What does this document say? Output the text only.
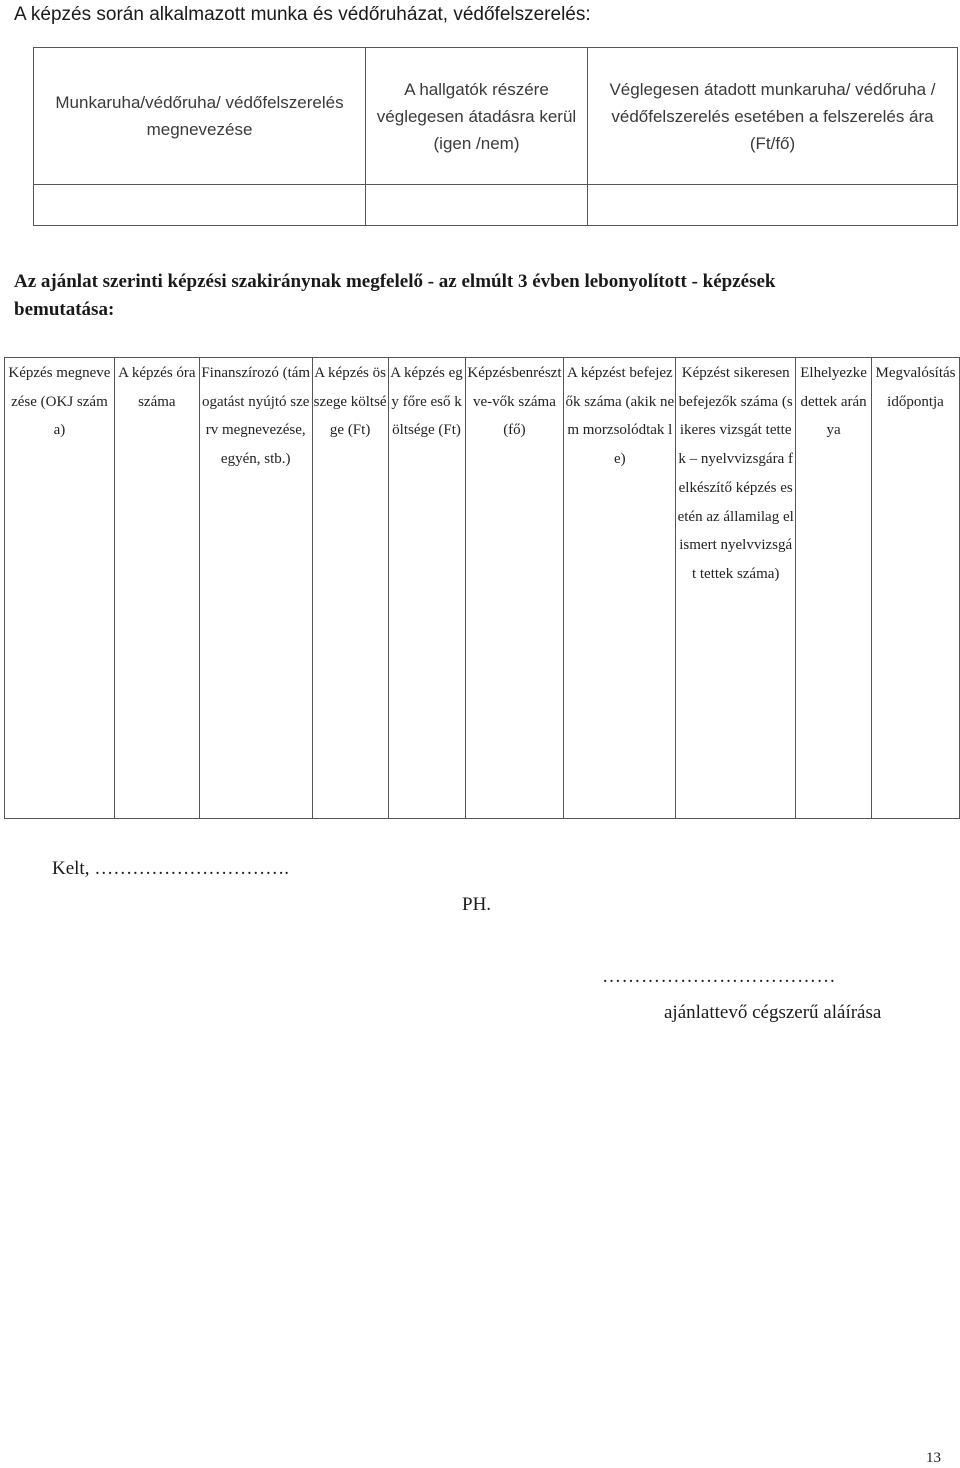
A képzés során alkalmazott munka és védőruházat, védőfelszerelés:
Munkaruha/védőruha/ védőfelszerelés megnevezése	A hallgatók részére véglegesen átadásra kerül (igen /nem)	Véglegesen átadott munkaruha/ védőruha / védőfelszerelés esetében a felszerelés ára (Ft/fő)

Az ajánlat szerinti képzési szakiránynak megfelelő - az elmúlt 3 évben lebonyolított - képzések
bemutatása:
Képzés megnevezése (OKJ száma)	A képzés óraszáma	Finanszírozó (támogatást nyújtó szerv megnevezése, egyén, stb.)	A képzés összege költsége (Ft)	A képzés egy főre eső költsége (Ft)	Képzésbenrésztve-vők száma (fő)	A képzést befejezők száma (akik nem morzsolódtak le)	Képzést sikeresen befejezők száma (sikeres vizsgát tettek – nyelvvizsgára felkészítő képzés esetén az államilag elismert nyelvvizsgát tettek száma)	Elhelyezkedettek aránya	Megvalósítás időpontja
Kelt, ………………………….
PH.
………………………………
ajánlattevő cégszerű aláírása
13
